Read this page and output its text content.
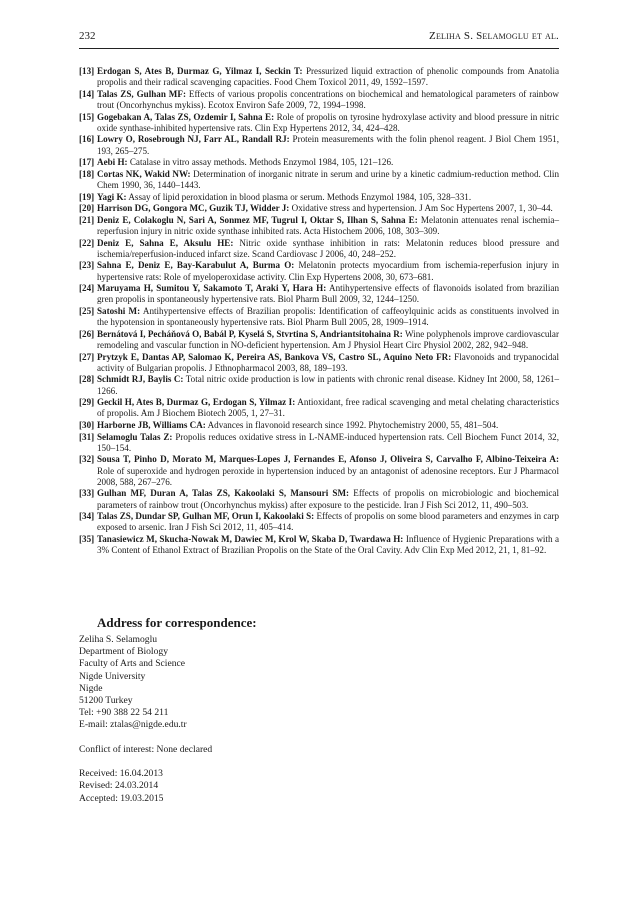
232	Zeliha S. Selamoglu et al.
[13] Erdogan S, Ates B, Durmaz G, Yilmaz I, Seckin T: Pressurized liquid extraction of phenolic compounds from Anatolia propolis and their radical scavenging capacities. Food Chem Toxicol 2011, 49, 1592–1597.
[14] Talas ZS, Gulhan MF: Effects of various propolis concentrations on biochemical and hematological parameters of rainbow trout (Oncorhynchus mykiss). Ecotox Environ Safe 2009, 72, 1994–1998.
[15] Gogebakan A, Talas ZS, Ozdemir I, Sahna E: Role of propolis on tyrosine hydroxylase activity and blood pressure in nitric oxide synthase-inhibited hypertensive rats. Clin Exp Hypertens 2012, 34, 424–428.
[16] Lowry O, Rosebrough NJ, Farr AL, Randall RJ: Protein measurements with the folin phenol reagent. J Biol Chem 1951, 193, 265–275.
[17] Aebi H: Catalase in vitro assay methods. Methods Enzymol 1984, 105, 121–126.
[18] Cortas NK, Wakid NW: Determination of inorganic nitrate in serum and urine by a kinetic cadmium-reduction method. Clin Chem 1990, 36, 1440–1443.
[19] Yagi K: Assay of lipid peroxidation in blood plasma or serum. Methods Enzymol 1984, 105, 328–331.
[20] Harrison DG, Gongora MC, Guzik TJ, Widder J: Oxidative stress and hypertension. J Am Soc Hypertens 2007, 1, 30–44.
[21] Deniz E, Colakoglu N, Sari A, Sonmez MF, Tugrul I, Oktar S, Ilhan S, Sahna E: Melatonin attenuates renal ischemia–reperfusion injury in nitric oxide synthase inhibited rats. Acta Histochem 2006, 108, 303–309.
[22] Deniz E, Sahna E, Aksulu HE: Nitric oxide synthase inhibition in rats: Melatonin reduces blood pressure and ischemia/reperfusion-induced infarct size. Scand Cardiovasc J 2006, 40, 248–252.
[23] Sahna E, Deniz E, Bay-Karabulut A, Burma O: Melatonin protects myocardium from ischemia-reperfusion injury in hypertensive rats: Role of myeloperoxidase activity. Clin Exp Hypertens 2008, 30, 673–681.
[24] Maruyama H, Sumitou Y, Sakamoto T, Araki Y, Hara H: Antihypertensive effects of flavonoids isolated from brazilian gren propolis in spontaneously hypertensive rats. Biol Pharm Bull 2009, 32, 1244–1250.
[25] Satoshi M: Antihypertensive effects of Brazilian propolis: Identification of caffeoylquinic acids as constituents involved in the hypotension in spontaneously hypertensive rats. Biol Pharm Bull 2005, 28, 1909–1914.
[26] Bernátová I, Pecháňová O, Babál P, Kyselá S, Stvrtina S, Andriantsitohaina R: Wine polyphenols improve cardiovascular remodeling and vascular function in NO-deficient hypertension. Am J Physiol Heart Circ Physiol 2002, 282, 942–948.
[27] Prytzyk E, Dantas AP, Salomao K, Pereira AS, Bankova VS, Castro SL, Aquino Neto FR: Flavonoids and trypanocidal activity of Bulgarian propolis. J Ethnopharmacol 2003, 88, 189–193.
[28] Schmidt RJ, Baylis C: Total nitric oxide production is low in patients with chronic renal disease. Kidney Int 2000, 58, 1261–1266.
[29] Geckil H, Ates B, Durmaz G, Erdogan S, Yilmaz I: Antioxidant, free radical scavenging and metal chelating characteristics of propolis. Am J Biochem Biotech 2005, 1, 27–31.
[30] Harborne JB, Williams CA: Advances in flavonoid research since 1992. Phytochemistry 2000, 55, 481–504.
[31] Selamoglu Talas Z: Propolis reduces oxidative stress in L-NAME-induced hypertension rats. Cell Biochem Funct 2014, 32, 150–154.
[32] Sousa T, Pinho D, Morato M, Marques-Lopes J, Fernandes E, Afonso J, Oliveira S, Carvalho F, Albino-Teixeira A: Role of superoxide and hydrogen peroxide in hypertension induced by an antagonist of adenosine receptors. Eur J Pharmacol 2008, 588, 267–276.
[33] Gulhan MF, Duran A, Talas ZS, Kakoolaki S, Mansouri SM: Effects of propolis on microbiologic and biochemical parameters of rainbow trout (Oncorhynchus mykiss) after exposure to the pesticide. Iran J Fish Sci 2012, 11, 490–503.
[34] Talas ZS, Dundar SP, Gulhan MF, Orun I, Kakoolaki S: Effects of propolis on some blood parameters and enzymes in carp exposed to arsenic. Iran J Fish Sci 2012, 11, 405–414.
[35] Tanasiewicz M, Skucha-Nowak M, Dawiec M, Krol W, Skaba D, Twardawa H: Influence of Hygienic Preparations with a 3% Content of Ethanol Extract of Brazilian Propolis on the State of the Oral Cavity. Adv Clin Exp Med 2012, 21, 1, 81–92.
Address for correspondence:
Zeliha S. Selamoglu
Department of Biology
Faculty of Arts and Science
Nigde University
Nigde
51200 Turkey
Tel: +90 388 22 54 211
E-mail: ztalas@nigde.edu.tr
Conflict of interest: None declared
Received: 16.04.2013
Revised: 24.03.2014
Accepted: 19.03.2015
